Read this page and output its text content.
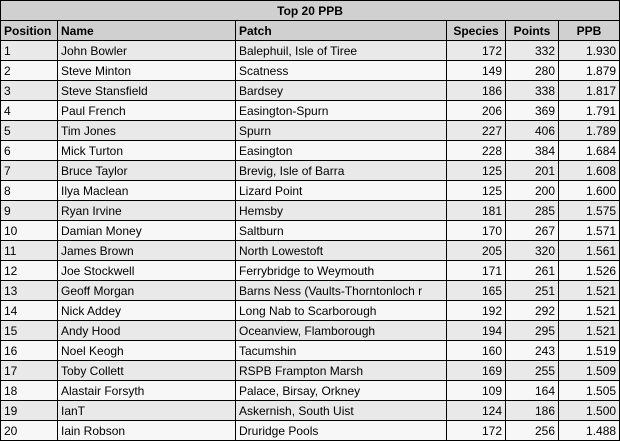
Top 20 PPB					
Position	Name	Patch	Species	Points	PPB
1	John Bowler	Balephuil, Isle of Tiree	172	332	1.930
2	Steve Minton	Scatness	149	280	1.879
3	Steve Stansfield	Bardsey	186	338	1.817
4	Paul French	Easington-Spurn	206	369	1.791
5	Tim Jones	Spurn	227	406	1.789
6	Mick Turton	Easington	228	384	1.684
7	Bruce Taylor	Brevig, Isle of Barra	125	201	1.608
8	Ilya Maclean	Lizard Point	125	200	1.600
9	Ryan Irvine	Hemsby	181	285	1.575
10	Damian Money	Saltburn	170	267	1.571
11	James Brown	North Lowestoft	205	320	1.561
12	Joe Stockwell	Ferrybridge to Weymouth	171	261	1.526
13	Geoff Morgan	Barns Ness (Vaults-Thorntonloch r	165	251	1.521
14	Nick Addey	Long Nab to Scarborough	192	292	1.521
15	Andy Hood	Oceanview, Flamborough	194	295	1.521
16	Noel Keogh	Tacumshin	160	243	1.519
17	Toby Collett	RSPB Frampton Marsh	169	255	1.509
18	Alastair Forsyth	Palace, Birsay, Orkney	109	164	1.505
19	IanT	Askernish, South Uist	124	186	1.500
20	Iain Robson	Druridge Pools	172	256	1.488
